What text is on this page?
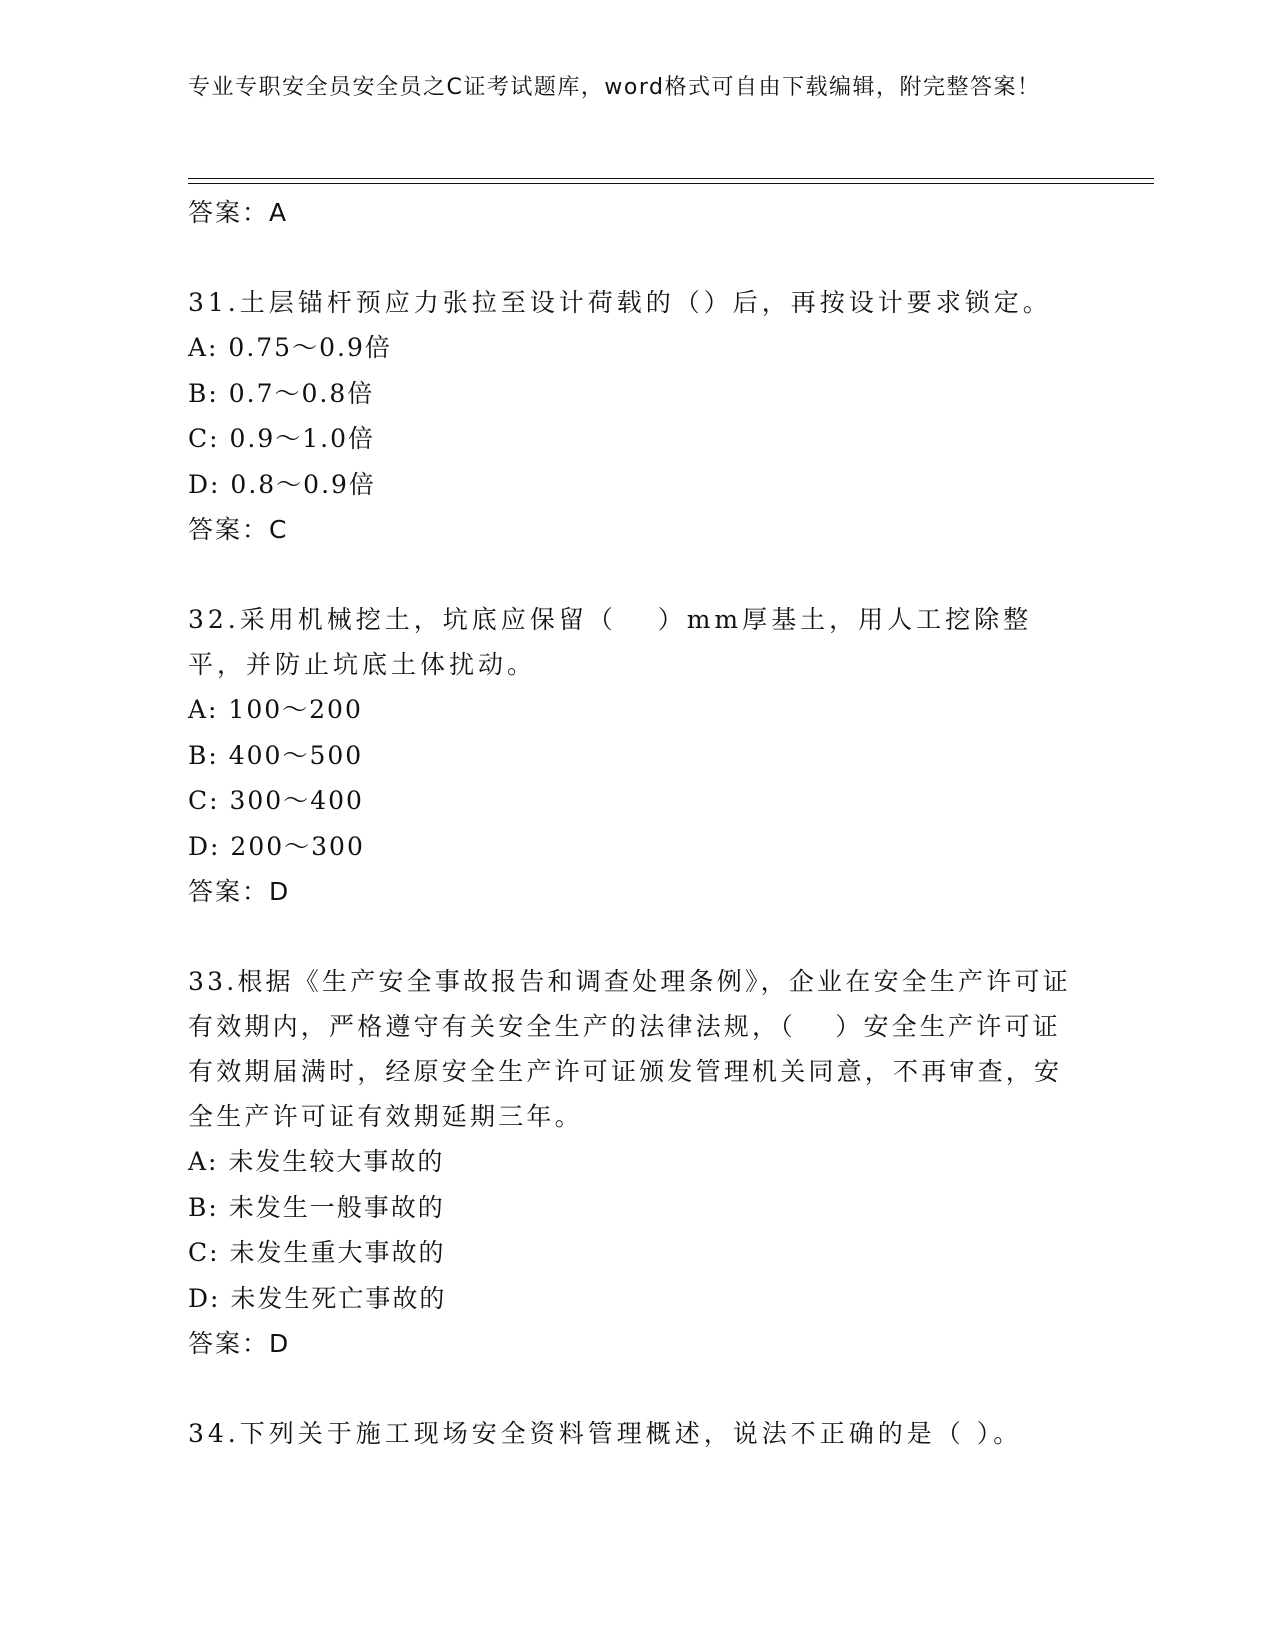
专业专职安全员安全员之C证考试题库，word格式可自由下载编辑，附完整答案！
答案：A
31.土层锚杆预应力张拉至设计荷载的（）后，再按设计要求锁定。
A: 0.75～0.9倍
B: 0.7～0.8倍
C: 0.9～1.0倍
D: 0.8～0.9倍
答案：C
32.采用机械挖土，坑底应保留（　 ）mm厚基土，用人工挖除整平，并防止坑底土体扰动。
A: 100～200
B: 400～500
C: 300～400
D: 200～300
答案：D
33.根据《生产安全事故报告和调查处理条例》，企业在安全生产许可证有效期内，严格遵守有关安全生产的法律法规，（　 ）安全生产许可证有效期届满时，经原安全生产许可证颁发管理机关同意，不再审查，安全生产许可证有效期延期三年。
A: 未发生较大事故的
B: 未发生一般事故的
C: 未发生重大事故的
D: 未发生死亡事故的
答案：D
34.下列关于施工现场安全资料管理概述，说法不正确的是（ ）。
